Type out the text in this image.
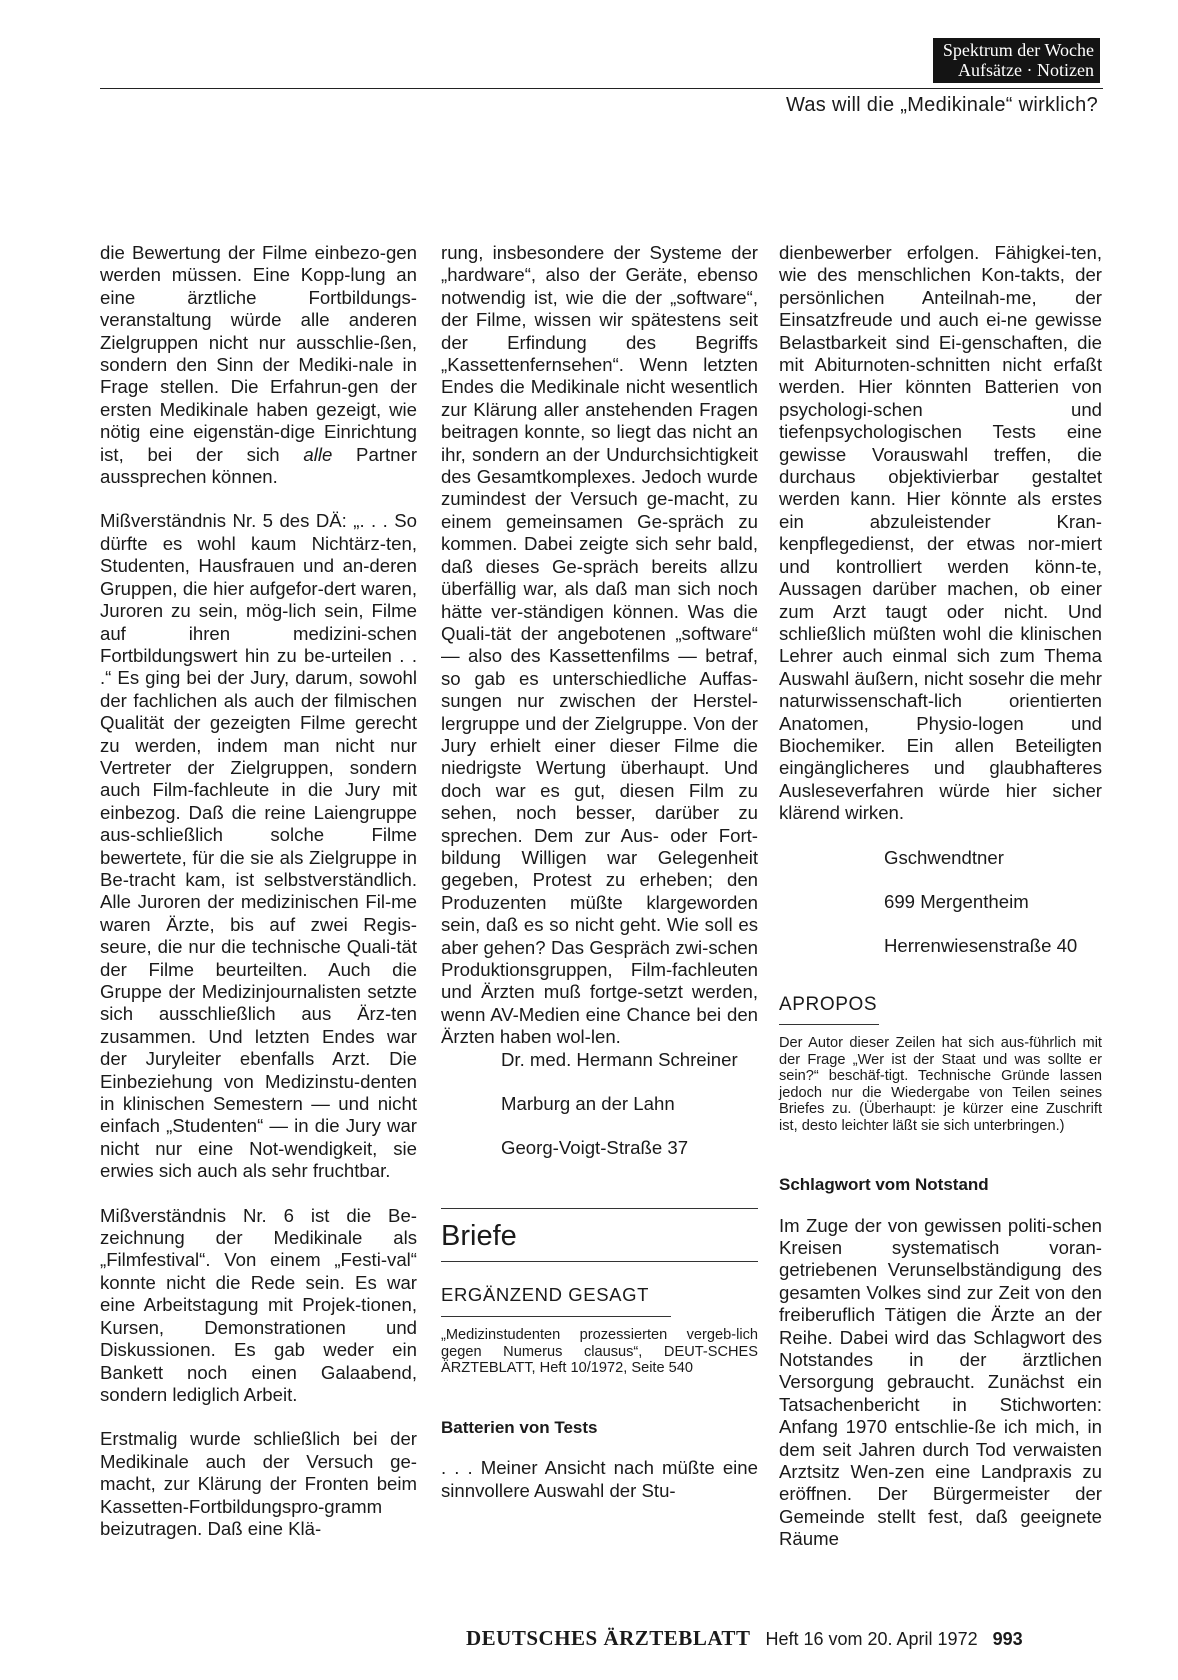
Spektrum der Woche
Aufsätze · Notizen
Was will die „Medikinale“ wirklich?

die Bewertung der Filme einbezo-gen werden müssen. Eine Kopp-lung an eine ärztliche Fortbildungs-veranstaltung würde alle anderen Zielgruppen nicht nur ausschlie-ßen, sondern den Sinn der Mediki-nale in Frage stellen. Die Erfahrun-gen der ersten Medikinale haben gezeigt, wie nötig eine eigenstän-dige Einrichtung ist, bei der sich alle Partner aussprechen können.

Mißverständnis Nr. 5 des DÄ: „. . . So dürfte es wohl kaum Nichtärz-ten, Studenten, Hausfrauen und an-deren Gruppen, die hier aufgefor-dert waren, Juroren zu sein, mög-lich sein, Filme auf ihren medizini-schen Fortbildungswert hin zu be-urteilen . . .“ Es ging bei der Jury, darum, sowohl der fachlichen als auch der filmischen Qualität der gezeigten Filme gerecht zu werden, indem man nicht nur Vertreter der Zielgruppen, sondern auch Film-fachleute in die Jury mit einbezog. Daß die reine Laiengruppe aus-schließlich solche Filme bewertete, für die sie als Zielgruppe in Be-tracht kam, ist selbstverständlich. Alle Juroren der medizinischen Fil-me waren Ärzte, bis auf zwei Regis-seure, die nur die technische Quali-tät der Filme beurteilten. Auch die Gruppe der Medizinjournalisten setzte sich ausschließlich aus Ärz-ten zusammen. Und letzten Endes war der Juryleiter ebenfalls Arzt. Die Einbeziehung von Medizinstu-denten in klinischen Semestern — und nicht einfach „Studenten“ — in die Jury war nicht nur eine Not-wendigkeit, sie erwies sich auch als sehr fruchtbar.

Mißverständnis Nr. 6 ist die Be-zeichnung der Medikinale als „Filmfestival“. Von einem „Festi-val“ konnte nicht die Rede sein. Es war eine Arbeitstagung mit Projek-tionen, Kursen, Demonstrationen und Diskussionen. Es gab weder ein Bankett noch einen Galaabend, sondern lediglich Arbeit.

Erstmalig wurde schließlich bei der Medikinale auch der Versuch ge-macht, zur Klärung der Fronten beim Kassetten-Fortbildungspro-gramm beizutragen. Daß eine Klä-

rung, insbesondere der Systeme der „hardware“, also der Geräte, ebenso notwendig ist, wie die der „software“, der Filme, wissen wir spätestens seit der Erfindung des Begriffs „Kassettenfernsehen“. Wenn letzten Endes die Medikinale nicht wesentlich zur Klärung aller anstehenden Fragen beitragen konnte, so liegt das nicht an ihr, sondern an der Undurchsichtigkeit des Gesamtkomplexes. Jedoch wurde zumindest der Versuch ge-macht, zu einem gemeinsamen Ge-spräch zu kommen. Dabei zeigte sich sehr bald, daß dieses Ge-spräch bereits allzu überfällig war, als daß man sich noch hätte ver-ständigen können. Was die Quali-tät der angebotenen „software“ — also des Kassettenfilms — betraf, so gab es unterschiedliche Auffas-sungen nur zwischen der Herstel-lergruppe und der Zielgruppe. Von der Jury erhielt einer dieser Filme die niedrigste Wertung überhaupt. Und doch war es gut, diesen Film zu sehen, noch besser, darüber zu sprechen. Dem zur Aus- oder Fort-bildung Willigen war Gelegenheit gegeben, Protest zu erheben; den Produzenten müßte klargeworden sein, daß es so nicht geht. Wie soll es aber gehen? Das Gespräch zwi-schen Produktionsgruppen, Film-fachleuten und Ärzten muß fortge-setzt werden, wenn AV-Medien eine Chance bei den Ärzten haben wol-len.

Dr. med. Hermann Schreiner

Marburg an der Lahn

Georg-Voigt-Straße 37

Briefe
ERGÄNZEND GESAGT

„Medizinstudenten prozessierten vergeb-lich gegen Numerus clausus“, DEUT-SCHES ÄRZTEBLATT, Heft 10/1972, Seite 540

Batterien von Tests

. . . Meiner Ansicht nach müßte eine sinnvollere Auswahl der Stu-

dienbewerber erfolgen. Fähigkei-ten, wie des menschlichen Kon-takts, der persönlichen Anteilnah-me, der Einsatzfreude und auch ei-ne gewisse Belastbarkeit sind Ei-genschaften, die mit Abiturnoten-schnitten nicht erfaßt werden. Hier könnten Batterien von psychologi-schen und tiefenpsychologischen Tests eine gewisse Vorauswahl treffen, die durchaus objektivierbar gestaltet werden kann. Hier könnte als erstes ein abzuleistender Kran-kenpflegedienst, der etwas nor-miert und kontrolliert werden könn-te, Aussagen darüber machen, ob einer zum Arzt taugt oder nicht. Und schließlich müßten wohl die klinischen Lehrer auch einmal sich zum Thema Auswahl äußern, nicht sosehr die mehr naturwissenschaft-lich orientierten Anatomen, Physio-logen und Biochemiker. Ein allen Beteiligten eingänglicheres und glaubhafteres Ausleseverfahren würde hier sicher klärend wirken.

Gschwendtner

699 Mergentheim

Herrenwiesenstraße 40

APROPOS

Der Autor dieser Zeilen hat sich aus-führlich mit der Frage „Wer ist der Staat und was sollte er sein?“ beschäf-tigt. Technische Gründe lassen jedoch nur die Wiedergabe von Teilen seines Briefes zu. (Überhaupt: je kürzer eine Zuschrift ist, desto leichter läßt sie sich unterbringen.)

Schlagwort vom Notstand

Im Zuge der von gewissen politi-schen Kreisen systematisch voran-getriebenen Verunselbständigung des gesamten Volkes sind zur Zeit von den freiberuflich Tätigen die Ärzte an der Reihe. Dabei wird das Schlagwort des Notstandes in der ärztlichen Versorgung gebraucht. Zunächst ein Tatsachenbericht in Stichworten: Anfang 1970 entschlie-ße ich mich, in dem seit Jahren durch Tod verwaisten Arztsitz Wen-zen eine Landpraxis zu eröffnen. Der Bürgermeister der Gemeinde stellt fest, daß geeignete Räume

DEUTSCHES ÄRZTEBLATT Heft 16 vom 20. April 1972 993
